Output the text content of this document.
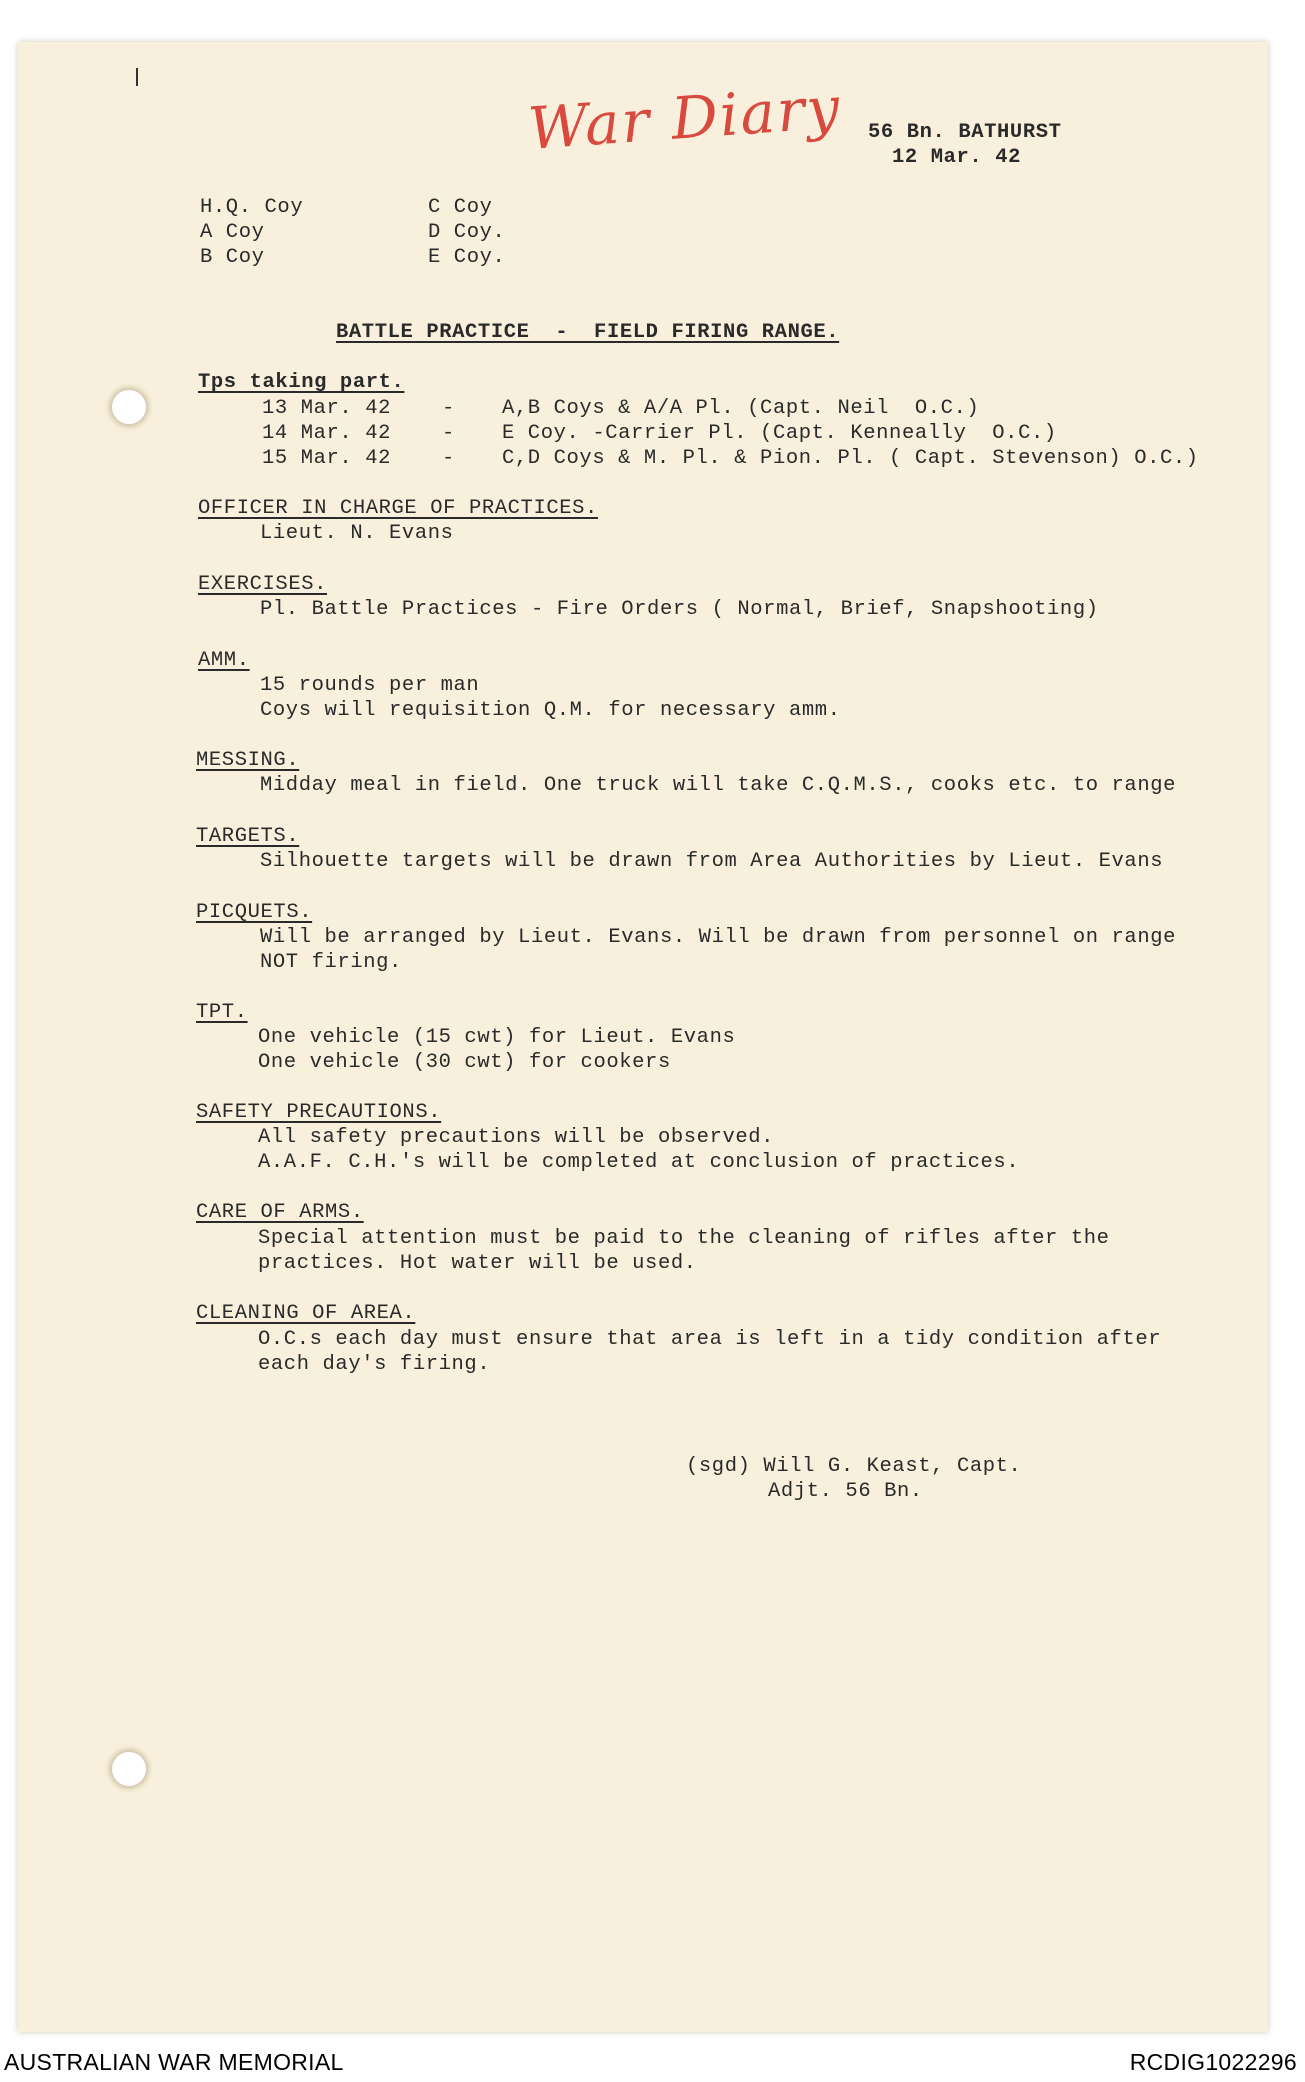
War Diary 56 Bn. BATHURST
12 Mar. 42
H.Q. Coy
A Coy
B Coy
C Coy
D Coy.
E Coy.
BATTLE PRACTICE  -  FIELD FIRING RANGE.
Tps taking part.
13 Mar. 42 - A,B Coys & A/A Pl. (Capt. Neil  O.C.)
14 Mar. 42 - E Coy. -Carrier Pl. (Capt. Kenneally  O.C.)
15 Mar. 42 - C,D Coys & M. Pl. & Pion. Pl. ( Capt. Stevenson) O.C.)
OFFICER IN CHARGE OF PRACTICES.
Lieut. N. Evans
EXERCISES.
Pl. Battle Practices - Fire Orders ( Normal, Brief, Snapshooting)
AMM.
15 rounds per man
Coys will requisition Q.M. for necessary amm.
MESSING.
Midday meal in field. One truck will take C.Q.M.S., cooks etc. to range
TARGETS.
Silhouette targets will be drawn from Area Authorities by Lieut. Evans
PICQUETS.
Will be arranged by Lieut. Evans. Will be drawn from personnel on range
NOT firing.
TPT.
One vehicle (15 cwt) for Lieut. Evans
One vehicle (30 cwt) for cookers
SAFETY PRECAUTIONS.
All safety precautions will be observed.
A.A.F. C.H.'s will be completed at conclusion of practices.
CARE OF ARMS.
Special attention must be paid to the cleaning of rifles after the
practices. Hot water will be used.
CLEANING OF AREA.
O.C.s each day must ensure that area is left in a tidy condition after
each day's firing.
(sgd) Will G. Keast, Capt.
Adjt. 56 Bn.
AUSTRALIAN WAR MEMORIAL	RCDIG1022296
